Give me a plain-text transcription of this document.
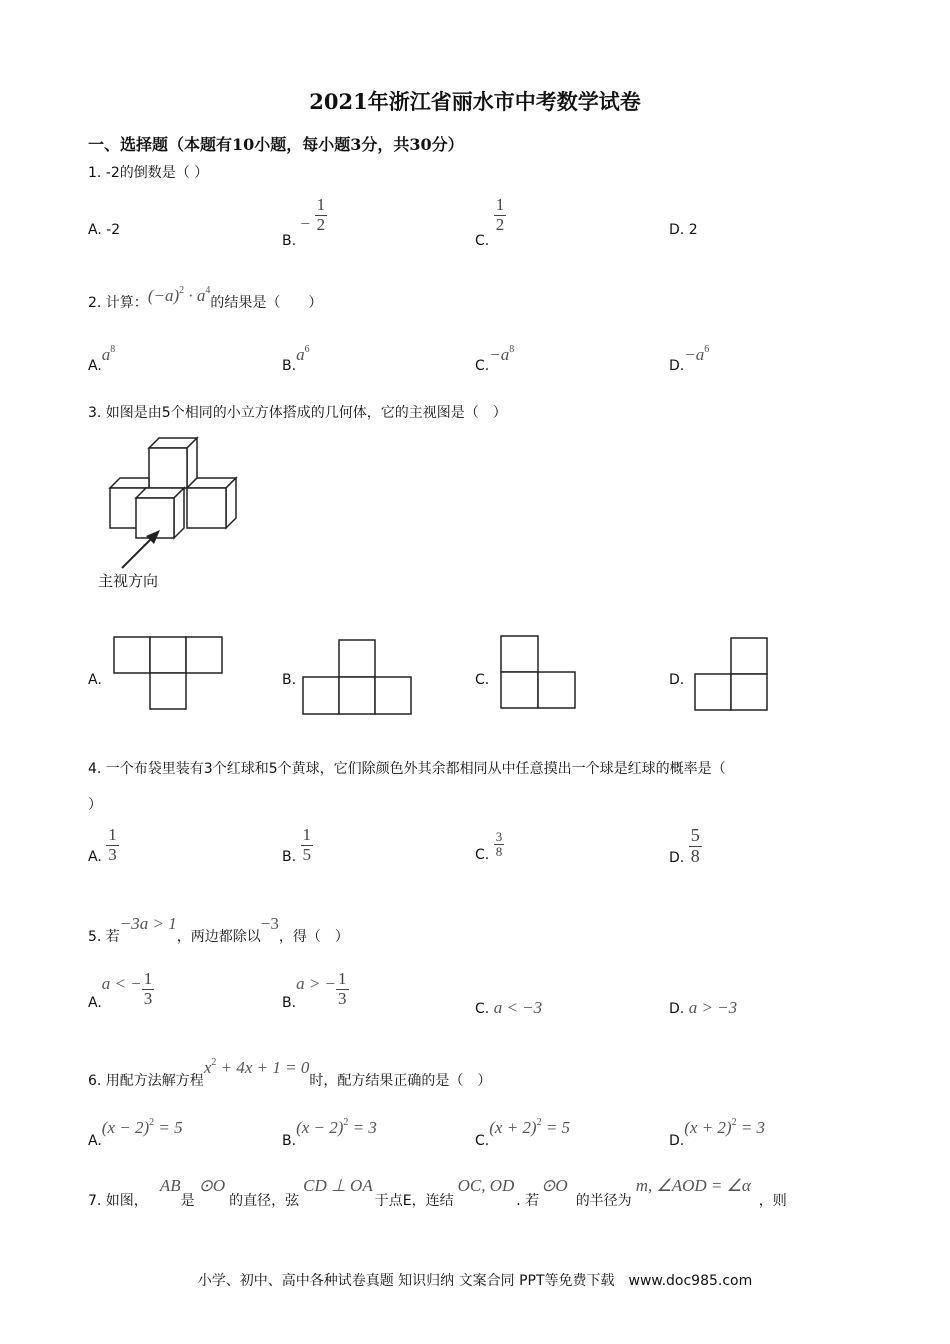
2021年浙江省丽水市中考数学试卷
一、选择题（本题有10小题，每小题3分，共30分）
1. -2的倒数是（ ）
A. -2
B. − $\frac{1}{2}$
C.
$\frac{1}{2}$	D. 2
2. 计算：$(-a)^2 \cdot a^4$的结果是（　　）
$A.a^8$
$B.a^6$
$C.-a^8$
$D.-a^6$
3. 如图是由5个相同的小立方体搭成的几何体，它的主视图是（　）
主视方向
A.	B.	C.	D.
4. 一个布袋里装有3个红球和5个黄球，它们除颜色外其余都相同从中任意摸出一个球是红球的概率是（
）
A. $\frac{1}{3}$	B. $\frac{1}{5}$	C. $\frac{3}{8}$	D. $\frac{5}{8}$
5. 若−3a > 1，两边都除以−3，得（　）
A.a < − $\frac{1}{3}$	B.a > − $\frac{1}{3}$
C. a < −3	D. a > −3
6. 用配方法解方程$x^2 + 4x + 1 = 0$时，配方结果正确的是（　）
$A.(x - 2)^2 = 5$
$B.(x - 2)^2 = 3$
$C.(x + 2)^2 = 5$
$D.(x + 2)^2 = 3$
7. 如图，AB是⊙O的直径，弦CD ⊥ OA于点E，连结OC, OD. 若⊙O的半径为m, ∠AOD = ∠α，则
小学、初中、高中各种试卷真题 知识归纳 文案合同 PPT等免费下载　www.doc985.com
